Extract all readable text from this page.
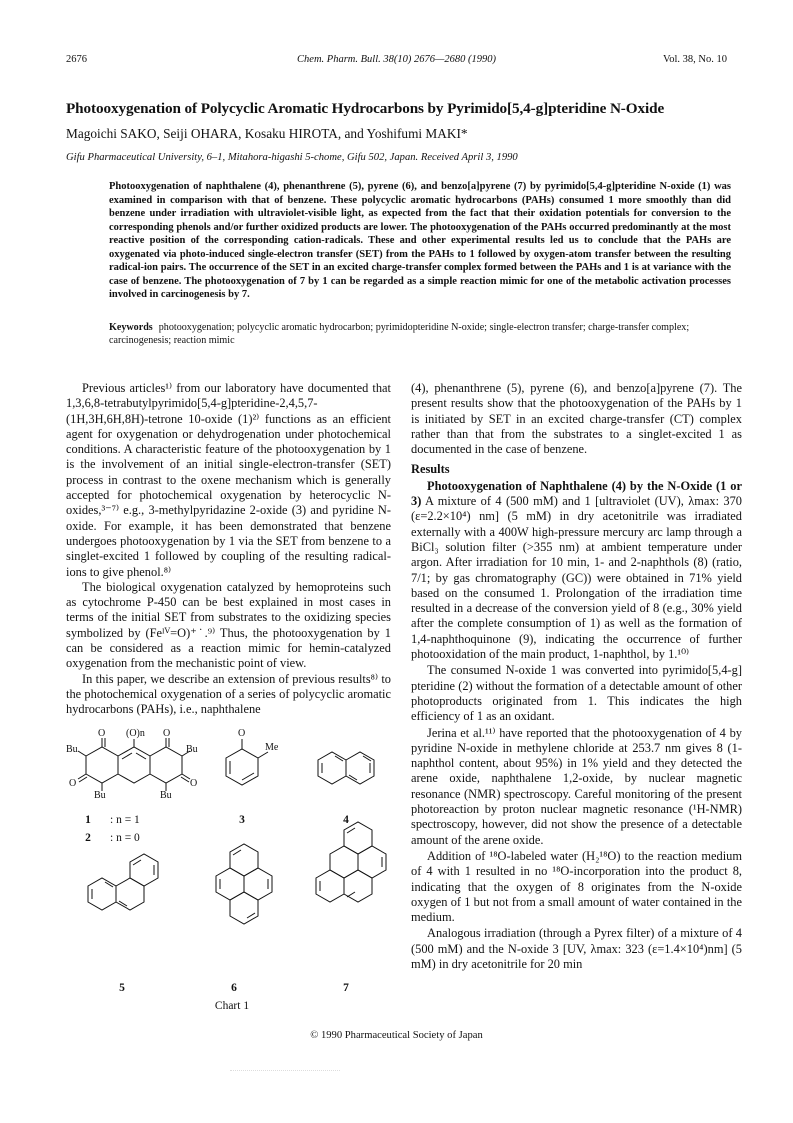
2676	Chem. Pharm. Bull. 38(10) 2676—2680 (1990)	Vol. 38, No. 10
Photooxygenation of Polycyclic Aromatic Hydrocarbons by Pyrimido[5,4-g]pteridine N-Oxide
Magoichi SAKO, Seiji OHARA, Kosaku HIROTA, and Yoshifumi MAKI*
Gifu Pharmaceutical University, 6–1, Mitahora-higashi 5-chome, Gifu 502, Japan. Received April 3, 1990
Photooxygenation of naphthalene (4), phenanthrene (5), pyrene (6), and benzo[a]pyrene (7) by pyrimido[5,4-g]pteridine N-oxide (1) was examined in comparison with that of benzene. These polycyclic aromatic hydrocarbons (PAHs) consumed 1 more smoothly than did benzene under irradiation with ultraviolet-visible light, as expected from the fact that their oxidation potentials for conversion to the corresponding phenols and/or further oxidized products are lower. The photooxygenation of the PAHs occurred predominantly at the most reactive position of the corresponding cation-radicals. These and other experimental results led us to conclude that the PAHs are oxygenated via photo-induced single-electron transfer (SET) from the PAHs to 1 followed by oxygen-atom transfer between the resulting radical-ion pairs. The occurrence of the SET in an excited charge-transfer complex formed between the PAHs and 1 is at variance with the case of benzene. The photooxygenation of 7 by 1 can be regarded as a simple reaction mimic for one of the metabolic activation processes involved in carcinogenesis by 7.
Keywords photooxygenation; polycyclic aromatic hydrocarbon; pyrimidopteridine N-oxide; single-electron transfer; charge-transfer complex; carcinogenesis; reaction mimic

Previous articles¹⁾ from our laboratory have documented that 1,3,6,8-tetrabutylpyrimido[5,4-g]pteridine-2,4,5,7-(1H,3H,6H,8H)-tetrone 10-oxide (1)²⁾ functions as an efficient agent for oxygenation or dehydrogenation under photochemical conditions. A characteristic feature of the photooxygenation by 1 is the involvement of an initial single-electron-transfer (SET) process in contrast to the oxene mechanism which is generally accepted for photochemical oxygenation by heterocyclic N-oxides,³⁻⁷⁾ e.g., 3-methylpyridazine 2-oxide (3) and pyridine N-oxide. For example, it has been demonstrated that benzene undergoes photooxygenation by 1 via the SET from benzene to a singlet-excited 1 followed by coupling of the resulting radical-ions to give phenol.⁸⁾

The biological oxygenation catalyzed by hemoproteins such as cytochrome P-450 can be best explained in most cases in terms of the initial SET from substrates to the oxidizing species symbolized by (Feᴵⱽ=O)⁺˙.⁹⁾ Thus, the photooxygenation by 1 can be considered as a reaction mimic for hemin-catalyzed oxygenation from the mechanistic point of view.

In this paper, we describe an extension of previous results⁸⁾ to the photochemical oxygenation of a series of polycyclic aromatic hydrocarbons (PAHs), i.e., naphthalene

(4), phenanthrene (5), pyrene (6), and benzo[a]pyrene (7). The present results show that the photooxygenation of the PAHs by 1 is initiated by SET in an excited charge-transfer (CT) complex rather than that from the substrates to a singlet-excited 1 as documented in the case of benzene.

Results

Photooxygenation of Naphthalene (4) by the N-Oxide (1 or 3) A mixture of 4 (500 mM) and 1 [ultraviolet (UV), λmax: 370 (ε=2.2×10⁴) nm] (5 mM) in dry acetonitrile was irradiated externally with a 400W high-pressure mercury arc lamp through a BiCl₃ solution filter (>355 nm) at ambient temperature under argon. After irradiation for 10 min, 1- and 2-naphthols (8) (ratio, 7/1; by gas chromatography (GC)) were obtained in 71% yield based on the consumed 1. Prolongation of the irradiation time resulted in a decrease of the conversion yield of 8 (e.g., 30% yield after the complete consumption of 1) as well as the formation of 1,4-naphthoquinone (9), indicating the occurrence of further photooxidation of the main product, 1-naphthol, by 1.¹⁰⁾

The consumed N-oxide 1 was converted into pyrimido[5,4-g] pteridine (2) without the formation of a detectable amount of other photoproducts originated from 1. This indicates the high efficiency of 1 as an oxidant.

Jerina et al.¹¹⁾ have reported that the photooxygenation of 4 by pyridine N-oxide in methylene chloride at 253.7 nm gives 8 (1-naphthol content, about 95%) in 1% yield and they detected the arene oxide, naphthalene 1,2-oxide, by nuclear magnetic resonance (NMR) spectroscopy. Careful monitoring of the present photoreaction by proton nuclear magnetic resonance (¹H-NMR) spectroscopy, however, did not show the presence of a detectable amount of the arene oxide.

Addition of ¹⁸O-labeled water (H₂¹⁸O) to the reaction medium of 4 with 1 resulted in no ¹⁸O-incorporation into the product 8, indicating that the oxygen of 8 originates from the N-oxide oxygen of 1 but not from a small amount of water contained in the medium.

Analogous irradiation (through a Pyrex filter) of a mixture of 4 (500 mM) and the N-oxide 3 [UV, λmax: 323 (ε=1.4×10⁴)nm] (5 mM) in dry acetonitrile for 20 min

O (O)n O
Bu	Bu
O	O
Bu	Bu
O
Me
1	: n = 1
2	: n = 0
3	4
5	6	7
Chart 1
© 1990 Pharmaceutical Society of Japan
